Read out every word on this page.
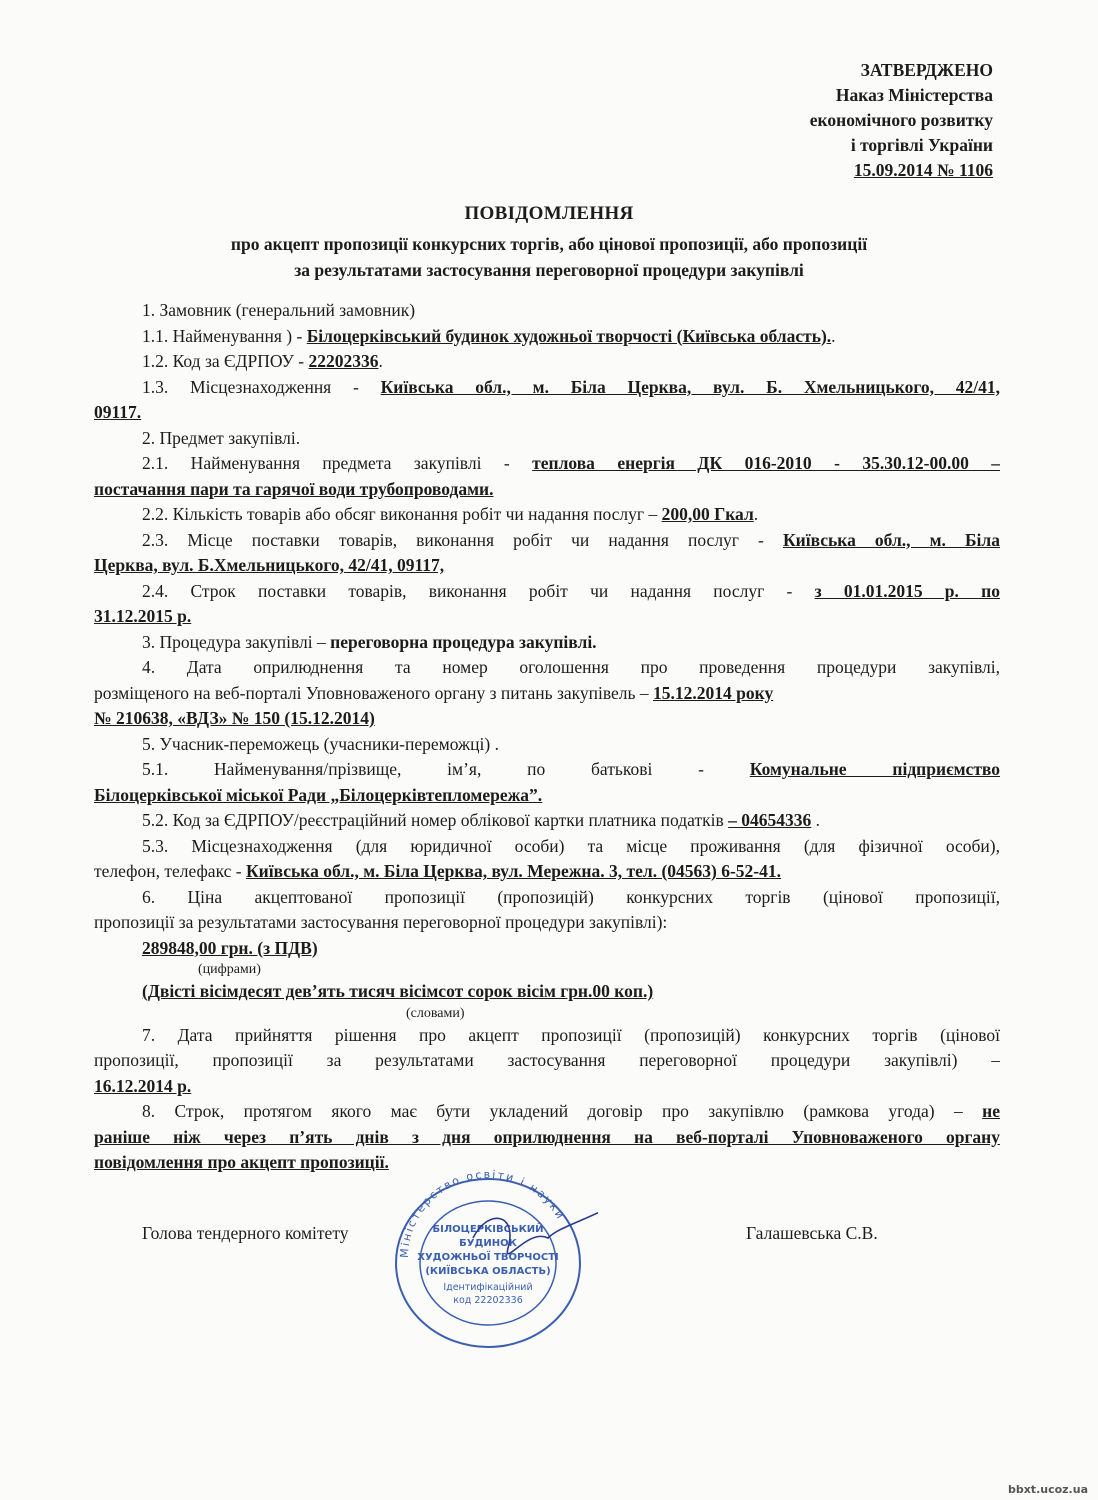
ЗАТВЕРДЖЕНО
Наказ Міністерства
економічного розвитку
і торгівлі України
15.09.2014 № 1106
ПОВІДОМЛЕННЯ
про акцепт пропозиції конкурсних торгів, або цінової пропозиції, або пропозиції
за результатами застосування переговорної процедури закупівлі
1. Замовник (генеральний замовник)
1.1. Найменування ) - Білоцерківський будинок художньої творчості (Київська область)..
1.2. Код за ЄДРПОУ - 22202336.
1.3. Місцезнаходження - Київська обл., м. Біла Церква, вул. Б. Хмельницького, 42/41,
09117.
2. Предмет закупівлі.
2.1. Найменування предмета закупівлі - теплова енергія ДК 016-2010 - 35.30.12-00.00 –
постачання пари та гарячої води трубопроводами.
2.2. Кількість товарів або обсяг виконання робіт чи надання послуг – 200,00 Гкал.
2.3. Місце поставки товарів, виконання робіт чи надання послуг - Київська обл., м. Біла
Церква, вул. Б.Хмельницького, 42/41, 09117,
2.4. Строк поставки товарів, виконання робіт чи надання послуг - з 01.01.2015 р. по
31.12.2015 р.
3. Процедура закупівлі – переговорна процедура закупівлі.
4. Дата оприлюднення та номер оголошення про проведення процедури закупівлі,
розміщеного на веб-порталі Уповноваженого органу з питань закупівель – 15.12.2014 року
№ 210638, «ВДЗ» № 150 (15.12.2014)
5. Учасник-переможець (учасники-переможці) .
5.1. Найменування/прізвище, ім’я, по батькові - Комунальне підприємство
Білоцерківської міської Ради „Білоцерківтепломережа”.
5.2. Код за ЄДРПОУ/реєстраційний номер облікової картки платника податків – 04654336 .
5.3. Місцезнаходження (для юридичної особи) та місце проживання (для фізичної особи),
телефон, телефакс - Київська обл., м. Біла Церква, вул. Мережна. 3, тел. (04563) 6-52-41.
6. Ціна акцептованої пропозиції (пропозицій) конкурсних торгів (цінової пропозиції,
пропозиції за результатами застосування переговорної процедури закупівлі):
289848,00 грн. (з ПДВ)
(цифрами)
(Двісті вісімдесят дев’ять тисяч вісімсот сорок вісім грн.00 коп.)
(словами)
7. Дата прийняття рішення про акцепт пропозиції (пропозицій) конкурсних торгів (цінової
пропозиції, пропозиції за результатами застосування переговорної процедури закупівлі) –
16.12.2014 р.
8. Строк, протягом якого має бути укладений договір про закупівлю (рамкова угода) – не
раніше ніж через п’ять днів з дня оприлюднення на веб-порталі Уповноваженого органу
повідомлення про акцепт пропозиції.
Міністерство освіти і науки
БІЛОЦЕРКІВСЬКИЙ
БУДИНОК
ХУДОЖНЬОЇ ТВОРЧОСТІ
(КИЇВСЬКА ОБЛАСТЬ)
Ідентифікаційний
код 22202336
Голова тендерного комітету	Галашевська С.В.
bbxt.ucoz.ua
